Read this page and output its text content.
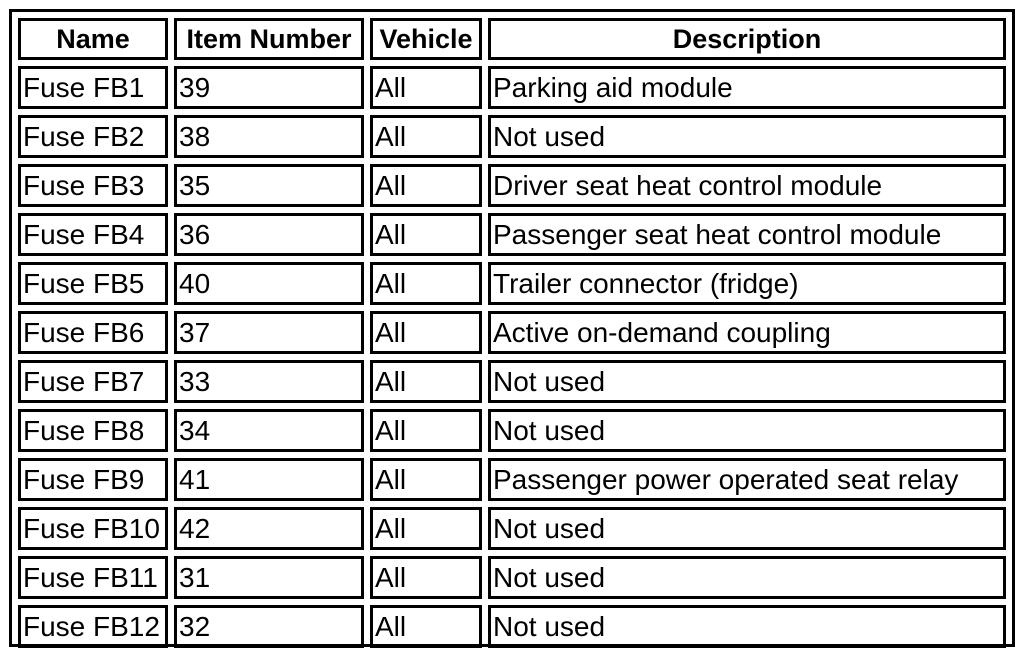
Name	Item Number	Vehicle	Description
Fuse FB1	39	All	Parking aid module
Fuse FB2	38	All	Not used
Fuse FB3	35	All	Driver seat heat control module
Fuse FB4	36	All	Passenger seat heat control module
Fuse FB5	40	All	Trailer connector (fridge)
Fuse FB6	37	All	Active on-demand coupling
Fuse FB7	33	All	Not used
Fuse FB8	34	All	Not used
Fuse FB9	41	All	Passenger power operated seat relay
Fuse FB10	42	All	Not used
Fuse FB11	31	All	Not used
Fuse FB12	32	All	Not used
